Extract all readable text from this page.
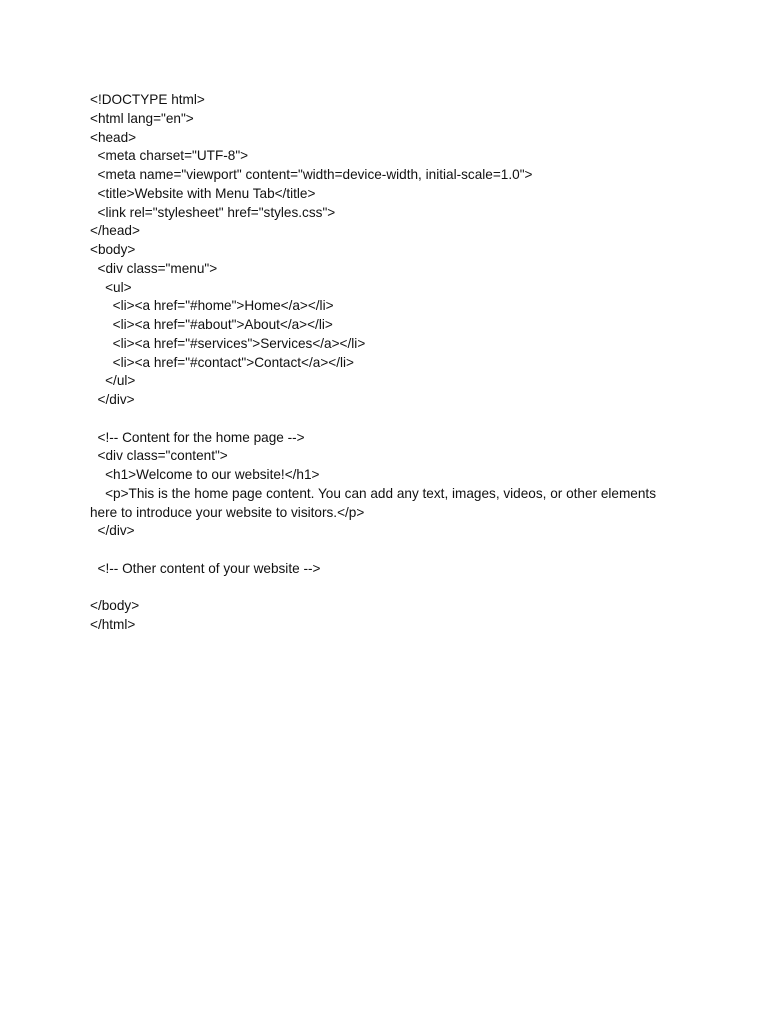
<!DOCTYPE html>
<html lang="en">
<head>
<meta charset="UTF-8">
<meta name="viewport" content="width=device-width, initial-scale=1.0">
<title>Website with Menu Tab</title>
<link rel="stylesheet" href="styles.css">
</head>
<body>
<div class="menu">
<ul>
<li><a href="#home">Home</a></li>
<li><a href="#about">About</a></li>
<li><a href="#services">Services</a></li>
<li><a href="#contact">Contact</a></li>
</ul>
</div>
<!-- Content for the home page -->
<div class="content">
<h1>Welcome to our website!</h1>
<p>This is the home page content. You can add any text, images, videos, or other elements
here to introduce your website to visitors.</p>
</div>
<!-- Other content of your website -->
</body>
</html>
